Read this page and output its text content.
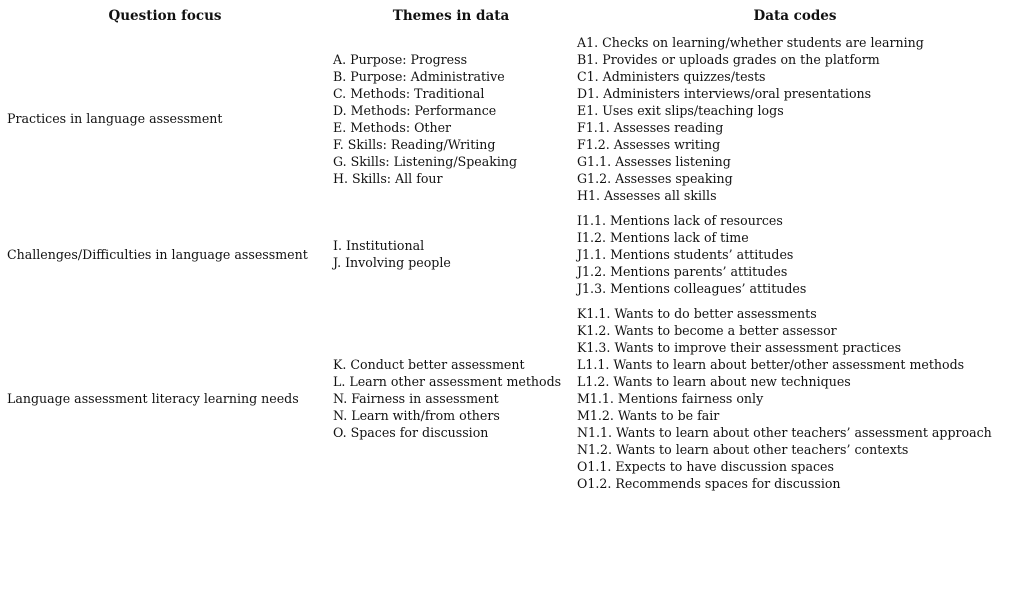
Question focus	Themes in data	Data codes
Practices in language assessment
A. Purpose: Progress
B. Purpose: Administrative
C. Methods: Traditional
D. Methods: Performance
E. Methods: Other
F. Skills: Reading/Writing
G. Skills: Listening/Speaking
H. Skills: All four
A1. Checks on learning/whether students are learning
B1. Provides or uploads grades on the platform
C1. Administers quizzes/tests
D1. Administers interviews/oral presentations
E1. Uses exit slips/teaching logs
F1.1. Assesses reading
F1.2. Assesses writing
G1.1. Assesses listening
G1.2. Assesses speaking
H1. Assesses all skills
Challenges/Difficulties in language assessment
I. Institutional
J. Involving people
I1.1. Mentions lack of resources
I1.2. Mentions lack of time
J1.1. Mentions students’ attitudes
J1.2. Mentions parents’ attitudes
J1.3. Mentions colleagues’ attitudes
Language assessment literacy learning needs
K. Conduct better assessment
L. Learn other assessment methods
N. Fairness in assessment
N. Learn with/from others
O. Spaces for discussion
K1.1. Wants to do better assessments
K1.2. Wants to become a better assessor
K1.3. Wants to improve their assessment practices
L1.1. Wants to learn about better/other assessment methods
L1.2. Wants to learn about new techniques
M1.1. Mentions fairness only
M1.2. Wants to be fair
N1.1. Wants to learn about other teachers’ assessment approach
N1.2. Wants to learn about other teachers’ contexts
O1.1. Expects to have discussion spaces
O1.2. Recommends spaces for discussion
